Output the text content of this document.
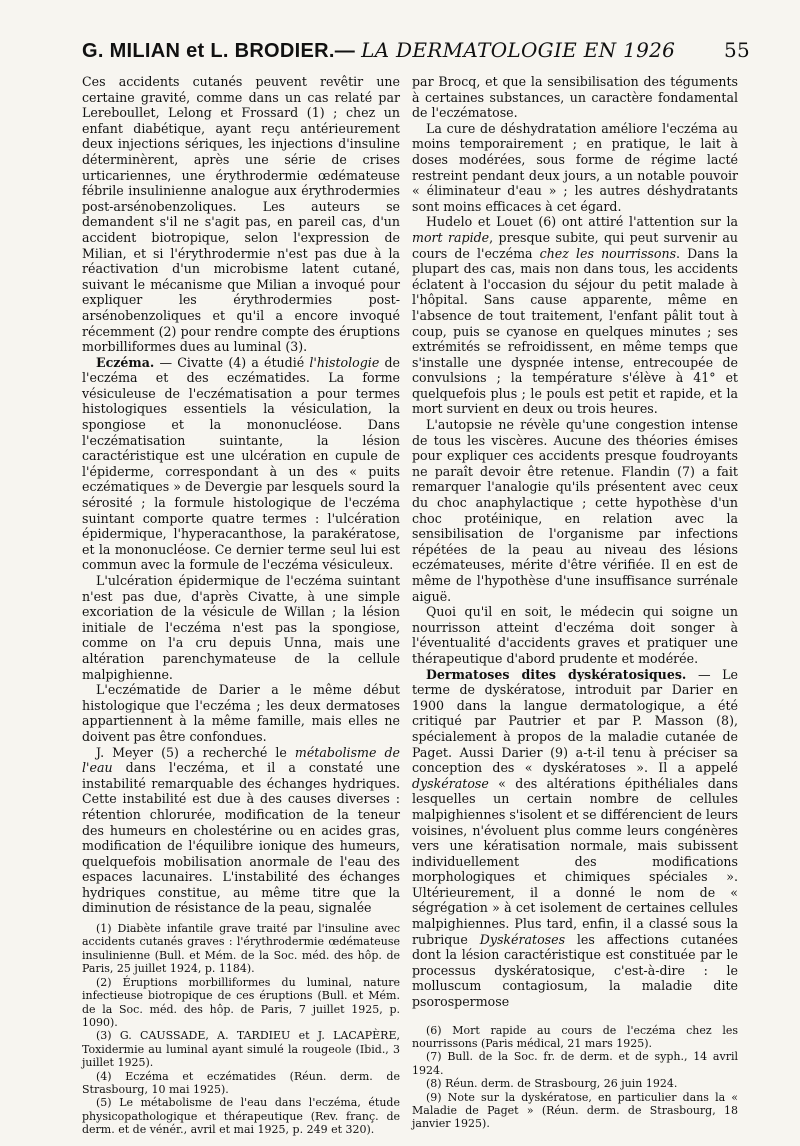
G. MILIAN et L. BRODIER.— LA DERMATOLOGIE EN 1926 55

Ces accidents cutanés peuvent revêtir une certaine gravité, comme dans un cas relaté par Lereboullet, Lelong et Frossard (1) ; chez un enfant diabétique, ayant reçu antérieurement deux injections sériques, les injections d'insuline déterminèrent, après une série de crises urticariennes, une érythrodermie œdémateuse fébrile insulinienne analogue aux érythrodermies post-arsénobenzoliques. Les auteurs se demandent s'il ne s'agit pas, en pareil cas, d'un accident biotropique, selon l'expression de Milian, et si l'érythrodermie n'est pas due à la réactivation d'un microbisme latent cutané, suivant le mécanisme que Milian a invoqué pour expliquer les érythrodermies post-arsénobenzoliques et qu'il a encore invoqué récemment (2) pour rendre compte des éruptions morbilliformes dues au luminal (3).

Eczéma. — Civatte (4) a étudié l'histologie de l'eczéma et des eczématides. La forme vésiculeuse de l'eczématisation a pour termes histologiques essentiels la vésiculation, la spongiose et la mononucléose. Dans l'eczématisation suintante, la lésion caractéristique est une ulcération en cupule de l'épiderme, correspondant à un des « puits eczématiques » de Devergie par lesquels sourd la sérosité ; la formule histologique de l'eczéma suintant comporte quatre termes : l'ulcération épidermique, l'hyperacanthose, la parakératose, et la mononucléose. Ce dernier terme seul lui est commun avec la formule de l'eczéma vésiculeux.

L'ulcération épidermique de l'eczéma suintant n'est pas due, d'après Civatte, à une simple excoriation de la vésicule de Willan ; la lésion initiale de l'eczéma n'est pas la spongiose, comme on l'a cru depuis Unna, mais une altération parenchymateuse de la cellule malpighienne.

L'eczématide de Darier a le même début histologique que l'eczéma ; les deux dermatoses appartiennent à la même famille, mais elles ne doivent pas être confondues.

J. Meyer (5) a recherché le métabolisme de l'eau dans l'eczéma, et il a constaté une instabilité remarquable des échanges hydriques. Cette instabilité est due à des causes diverses : rétention chlorurée, modification de la teneur des humeurs en cholestérine ou en acides gras, modification de l'équilibre ionique des humeurs, quelquefois mobilisation anormale de l'eau des espaces lacunaires. L'instabilité des échanges hydriques constitue, au même titre que la diminution de résistance de la peau, signalée

(1) Diabète infantile grave traité par l'insuline avec accidents cutanés graves : l'érythrodermie œdémateuse insulinienne (Bull. et Mém. de la Soc. méd. des hôp. de Paris, 25 juillet 1924, p. 1184).

(2) Éruptions morbilliformes du luminal, nature infectieuse biotropique de ces éruptions (Bull. et Mém. de la Soc. méd. des hôp. de Paris, 7 juillet 1925, p. 1090).

(3) G. CAUSSADE, A. TARDIEU et J. LACAPÈRE, Toxidermie au luminal ayant simulé la rougeole (Ibid., 3 juillet 1925).

(4) Eczéma et eczématides (Réun. derm. de Strasbourg, 10 mai 1925).

(5) Le métabolisme de l'eau dans l'eczéma, étude physicopathologique et thérapeutique (Rev. franç. de derm. et de vénér., avril et mai 1925, p. 249 et 320).

par Brocq, et que la sensibilisation des téguments à certaines substances, un caractère fondamental de l'eczématose.

La cure de déshydratation améliore l'eczéma au moins temporairement ; en pratique, le lait à doses modérées, sous forme de régime lacté restreint pendant deux jours, a un notable pouvoir « éliminateur d'eau » ; les autres déshydratants sont moins efficaces à cet égard.

Hudelo et Louet (6) ont attiré l'attention sur la mort rapide, presque subite, qui peut survenir au cours de l'eczéma chez les nourrissons. Dans la plupart des cas, mais non dans tous, les accidents éclatent à l'occasion du séjour du petit malade à l'hôpital. Sans cause apparente, même en l'absence de tout traitement, l'enfant pâlit tout à coup, puis se cyanose en quelques minutes ; ses extrémités se refroidissent, en même temps que s'installe une dyspnée intense, entrecoupée de convulsions ; la température s'élève à 41° et quelquefois plus ; le pouls est petit et rapide, et la mort survient en deux ou trois heures.

L'autopsie ne révèle qu'une congestion intense de tous les viscères. Aucune des théories émises pour expliquer ces accidents presque foudroyants ne paraît devoir être retenue. Flandin (7) a fait remarquer l'analogie qu'ils présentent avec ceux du choc anaphylactique ; cette hypothèse d'un choc protéinique, en relation avec la sensibilisation de l'organisme par infections répétées de la peau au niveau des lésions eczémateuses, mérite d'être vérifiée. Il en est de même de l'hypothèse d'une insuffisance surrénale aiguë.

Quoi qu'il en soit, le médecin qui soigne un nourrisson atteint d'eczéma doit songer à l'éventualité d'accidents graves et pratiquer une thérapeutique d'abord prudente et modérée.

Dermatoses dites dyskératosiques. — Le terme de dyskératose, introduit par Darier en 1900 dans la langue dermatologique, a été critiqué par Pautrier et par P. Masson (8), spécialement à propos de la maladie cutanée de Paget. Aussi Darier (9) a-t-il tenu à préciser sa conception des « dyskératoses ». Il a appelé dyskératose « des altérations épithéliales dans lesquelles un certain nombre de cellules malpighiennes s'isolent et se différencient de leurs voisines, n'évoluent plus comme leurs congénères vers une kératisation normale, mais subissent individuellement des modifications morphologiques et chimiques spéciales ». Ultérieurement, il a donné le nom de « ségrégation » à cet isolement de certaines cellules malpighiennes. Plus tard, enfin, il a classé sous la rubrique Dyskératoses les affections cutanées dont la lésion caractéristique est constituée par le processus dyskératosique, c'est-à-dire : le molluscum contagiosum, la maladie dite psorospermose

(6) Mort rapide au cours de l'eczéma chez les nourrissons (Paris médical, 21 mars 1925).

(7) Bull. de la Soc. fr. de derm. et de syph., 14 avril 1924.

(8) Réun. derm. de Strasbourg, 26 juin 1924.

(9) Note sur la dyskératose, en particulier dans la « Maladie de Paget » (Réun. derm. de Strasbourg, 18 janvier 1925).
